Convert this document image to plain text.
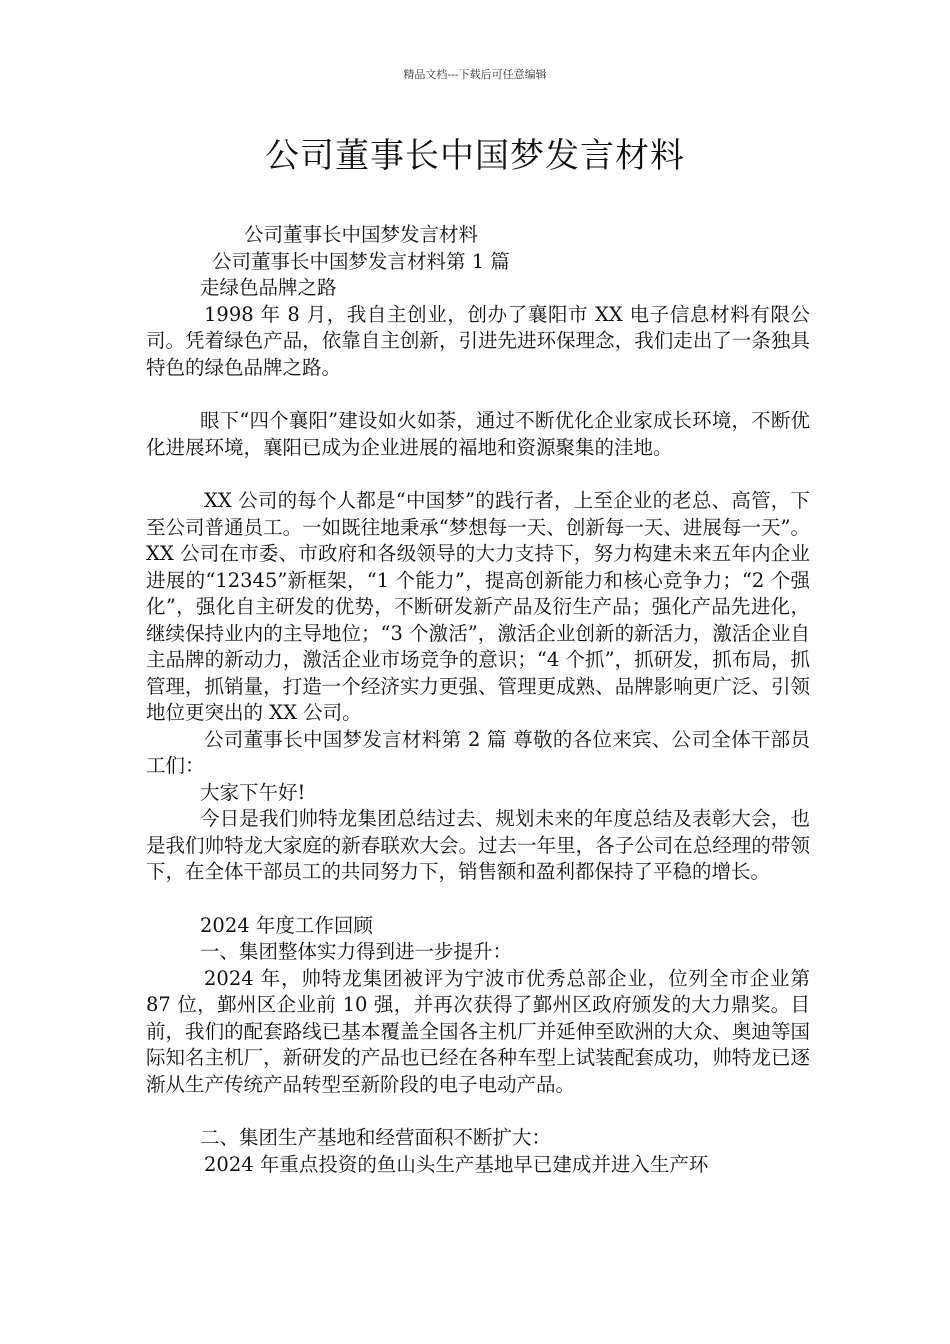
精品文档---下载后可任意编辑
公司董事长中国梦发言材料

公司董事长中国梦发言材料

公司董事长中国梦发言材料第 1 篇

走绿色品牌之路

1998 年 8 月，我自主创业，创办了襄阳市 XX 电子信息材料有限公司。凭着绿色产品，依靠自主创新，引进先进环保理念，我们走出了一条独具特色的绿色品牌之路。

眼下“四个襄阳”建设如火如荼，通过不断优化企业家成长环境，不断优化进展环境，襄阳已成为企业进展的福地和资源聚集的洼地。

XX 公司的每个人都是“中国梦”的践行者，上至企业的老总、高管，下至公司普通员工。一如既往地秉承“梦想每一天、创新每一天、进展每一天”。XX 公司在市委、市政府和各级领导的大力支持下，努力构建未来五年内企业进展的“12345”新框架，“1 个能力”，提高创新能力和核心竞争力；“2 个强化”，强化自主研发的优势，不断研发新产品及衍生产品；强化产品先进化，继续保持业内的主导地位；“3 个激活”，激活企业创新的新活力，激活企业自主品牌的新动力，激活企业市场竞争的意识；“4 个抓”，抓研发，抓布局，抓管理，抓销量，打造一个经济实力更强、管理更成熟、品牌影响更广泛、引领地位更突出的 XX 公司。

公司董事长中国梦发言材料第 2 篇 尊敬的各位来宾、公司全体干部员工们：

大家下午好!

今日是我们帅特龙集团总结过去、规划未来的年度总结及表彰大会，也是我们帅特龙大家庭的新春联欢大会。过去一年里，各子公司在总经理的带领下，在全体干部员工的共同努力下，销售额和盈利都保持了平稳的增长。

2024 年度工作回顾

一、集团整体实力得到进一步提升：

2024 年，帅特龙集团被评为宁波市优秀总部企业，位列全市企业第 87 位，鄞州区企业前 10 强，并再次获得了鄞州区政府颁发的大力鼎奖。目前，我们的配套路线已基本覆盖全国各主机厂并延伸至欧洲的大众、奥迪等国际知名主机厂，新研发的产品也已经在各种车型上试装配套成功，帅特龙已逐渐从生产传统产品转型至新阶段的电子电动产品。

二、集团生产基地和经营面积不断扩大：

2024 年重点投资的鱼山头生产基地早已建成并进入生产环
